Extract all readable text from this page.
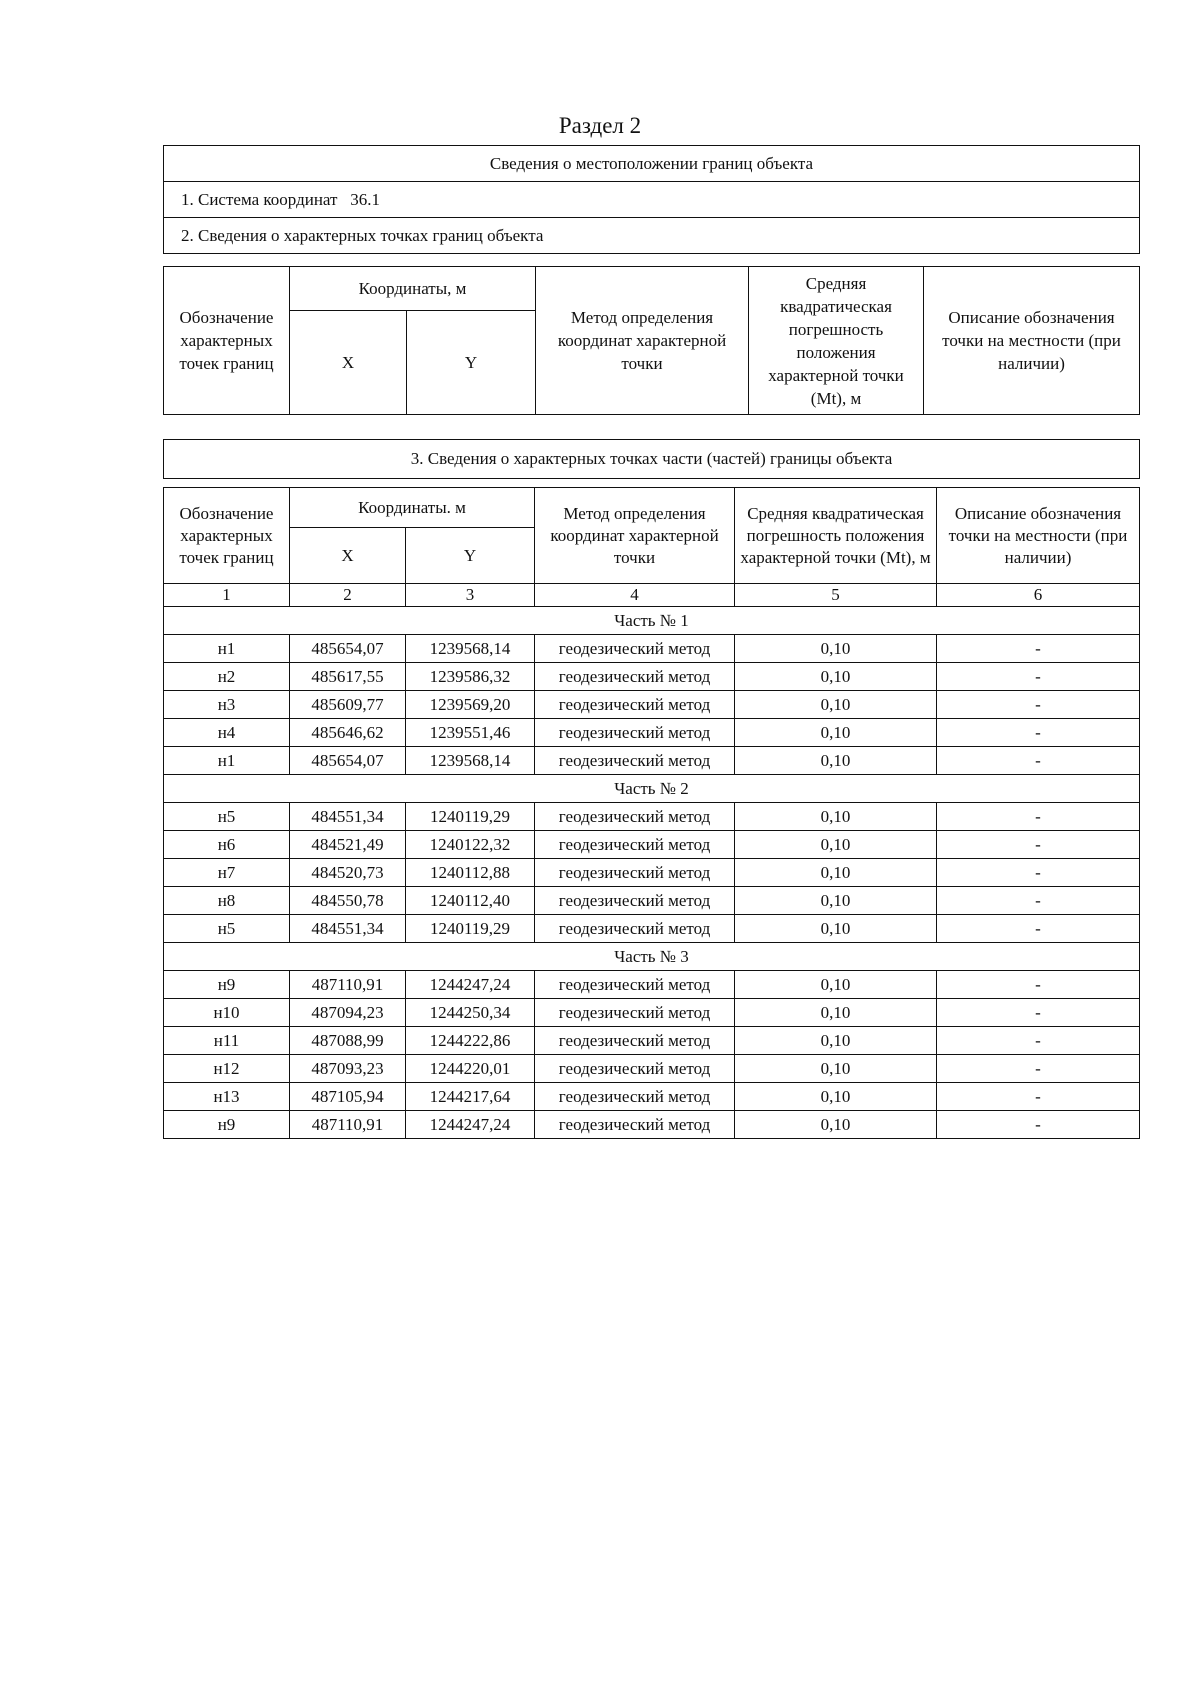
Раздел 2
Сведения о местоположении границ объекта
1. Система координат 36.1
2. Сведения о характерных точках границ объекта
Обозначение характерных точек границ	Координаты, м		Метод определения координат характерной точки	Средняя квадратическая погрешность положения характерной точки (Mt), м	Описание обозначения точки на местности (при наличии)
	X	Y			
3. Сведения о характерных точках части (частей) границы объекта
Обозначение характерных точек границ	Координаты. м		Метод определения координат характерной точки	Средняя квадратическая погрешность положения характерной точки (Mt), м	Описание обозначения точки на местности (при наличии)
	X	Y			
1	2	3	4	5	6
Часть № 1					
н1	485654,07	1239568,14	геодезический метод	0,10	-
н2	485617,55	1239586,32	геодезический метод	0,10	-
н3	485609,77	1239569,20	геодезический метод	0,10	-
н4	485646,62	1239551,46	геодезический метод	0,10	-
н1	485654,07	1239568,14	геодезический метод	0,10	-
Часть № 2					
н5	484551,34	1240119,29	геодезический метод	0,10	-
н6	484521,49	1240122,32	геодезический метод	0,10	-
н7	484520,73	1240112,88	геодезический метод	0,10	-
н8	484550,78	1240112,40	геодезический метод	0,10	-
н5	484551,34	1240119,29	геодезический метод	0,10	-
Часть № 3					
н9	487110,91	1244247,24	геодезический метод	0,10	-
н10	487094,23	1244250,34	геодезический метод	0,10	-
н11	487088,99	1244222,86	геодезический метод	0,10	-
н12	487093,23	1244220,01	геодезический метод	0,10	-
н13	487105,94	1244217,64	геодезический метод	0,10	-
н9	487110,91	1244247,24	геодезический метод	0,10	-
